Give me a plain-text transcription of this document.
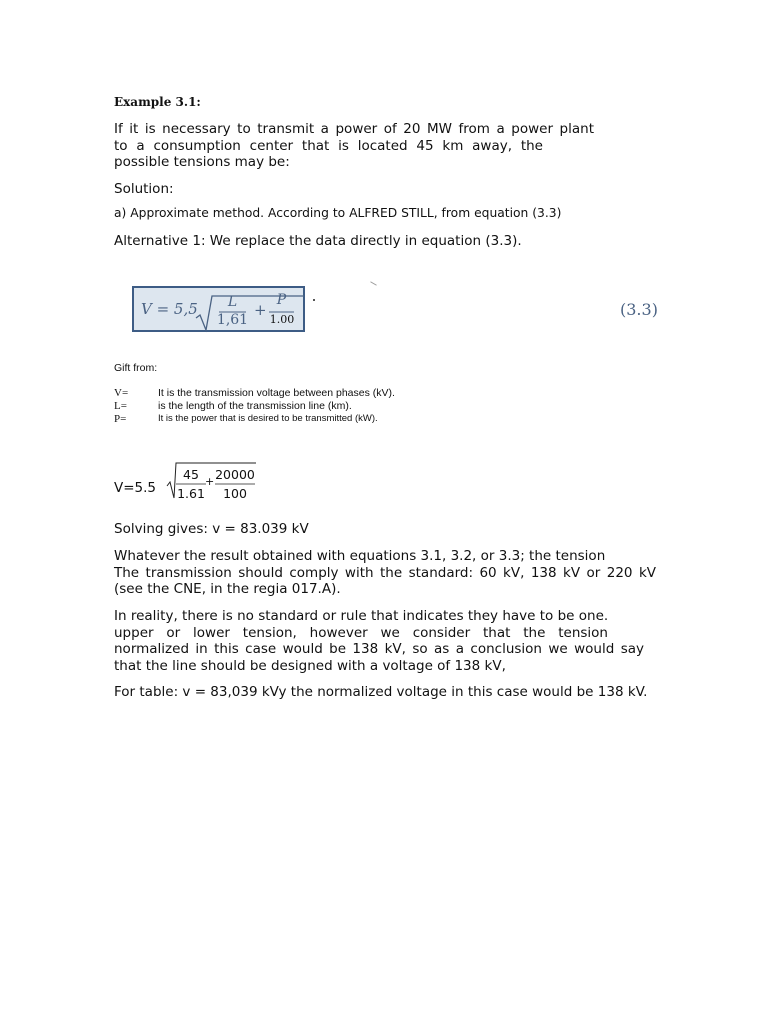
Example 3.1:
If it is necessary to transmit a power of 20 MW from a power plant
to a consumption center that is located 45 km away, the
possible tensions may be:
Solution:
a) Approximate method. According to ALFRED STILL, from equation (3.3)
Alternative 1: We replace the data directly in equation (3.3).
V = 5,5	L
1,61
+
P
1.00
(3.3)
Gift from:
V=	It is the transmission voltage between phases (kV).
L=	is the length of the transmission line (km).
P=	It is the power that is desired to be transmitted (kW).
V=5.5
45
1.61
+ 20000
100
Solving gives: v = 83.039 kV
Whatever the result obtained with equations 3.1, 3.2, or 3.3; the tension
The transmission should comply with the standard: 60 kV, 138 kV or 220 kV
(see the CNE, in the regia 017.A).
In reality, there is no standard or rule that indicates they have to be one.
upper or lower tension, however we consider that the tension
normalized in this case would be 138 kV, so as a conclusion we would say
that the line should be designed with a voltage of 138 kV,
For table: v = 83,039 kVy the normalized voltage in this case would be 138 kV.
